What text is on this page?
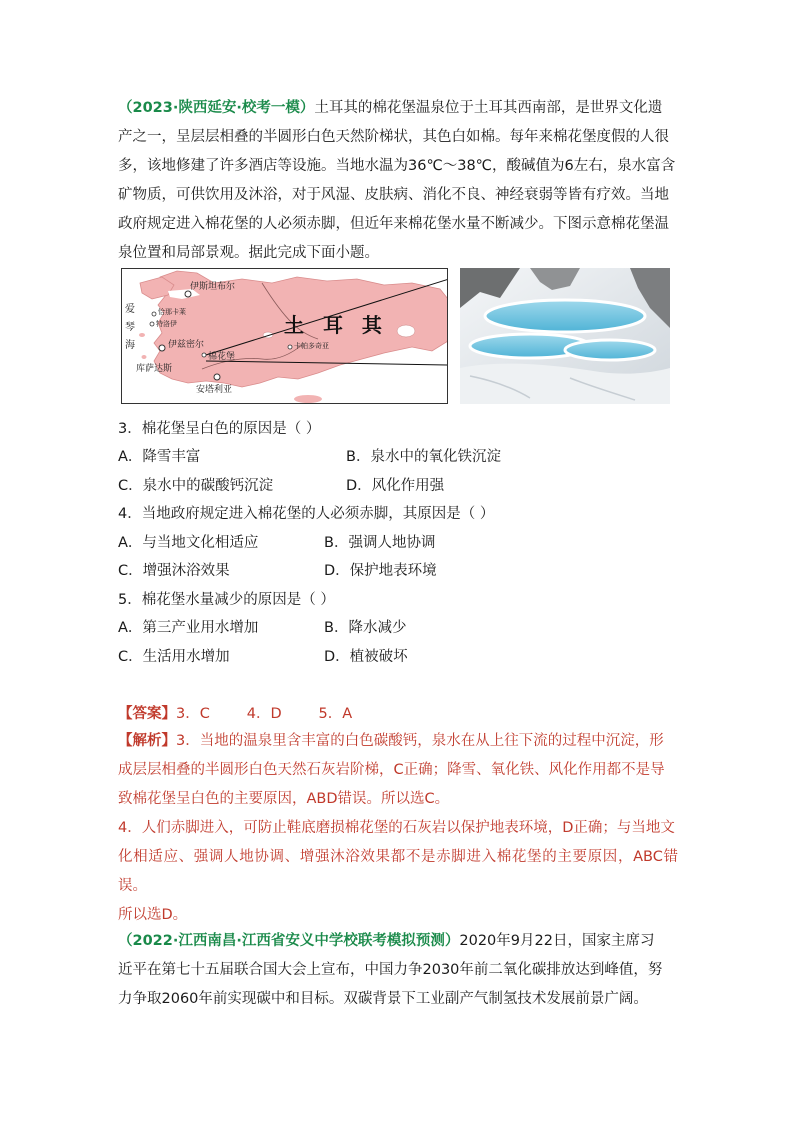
（2023·陕西延安·校考一模）土耳其的棉花堡温泉位于土耳其西南部，是世界文化遗
产之一，呈层层相叠的半圆形白色天然阶梯状，其色白如棉。每年来棉花堡度假的人很
多，该地修建了许多酒店等设施。当地水温为36℃～38℃，酸碱值为6左右，泉水富含
矿物质，可供饮用及沐浴，对于风湿、皮肤病、消化不良、神经衰弱等皆有疗效。当地
政府规定进入棉花堡的人必须赤脚，但近年来棉花堡水量不断减少。下图示意棉花堡温
泉位置和局部景观。据此完成下面小题。
爱琴海
土 耳 其
伊斯坦布尔
恰那卡莱
特洛伊
伊兹密尔
棉花堡
库萨达斯
安塔利亚
卡帕多奇亚
3．棉花堡呈白色的原因是（ ）
A．降雪丰富	B．泉水中的氧化铁沉淀
C．泉水中的碳酸钙沉淀	D．风化作用强
4．当地政府规定进入棉花堡的人必须赤脚，其原因是（ ）
A．与当地文化相适应	B．强调人地协调
C．增强沐浴效果	D．保护地表环境
5．棉花堡水量减少的原因是（ ）
A．第三产业用水增加	B．降水减少
C．生活用水增加	D．植被破坏
【答案】3．C        4．D        5．A
【解析】3．当地的温泉里含丰富的白色碳酸钙，泉水在从上往下流的过程中沉淀，形
成层层相叠的半圆形白色天然石灰岩阶梯，C正确；降雪、氧化铁、风化作用都不是导
致棉花堡呈白色的主要原因，ABD错误。所以选C。
4．人们赤脚进入，可防止鞋底磨损棉花堡的石灰岩以保护地表环境，D正确；与当地文
化相适应、强调人地协调、增强沐浴效果都不是赤脚进入棉花堡的主要原因，ABC错误。
所以选D。
（2022·江西南昌·江西省安义中学校联考模拟预测）2020年9月22日，国家主席习
近平在第七十五届联合国大会上宣布，中国力争2030年前二氧化碳排放达到峰值，努
力争取2060年前实现碳中和目标。双碳背景下工业副产气制氢技术发展前景广阔。
